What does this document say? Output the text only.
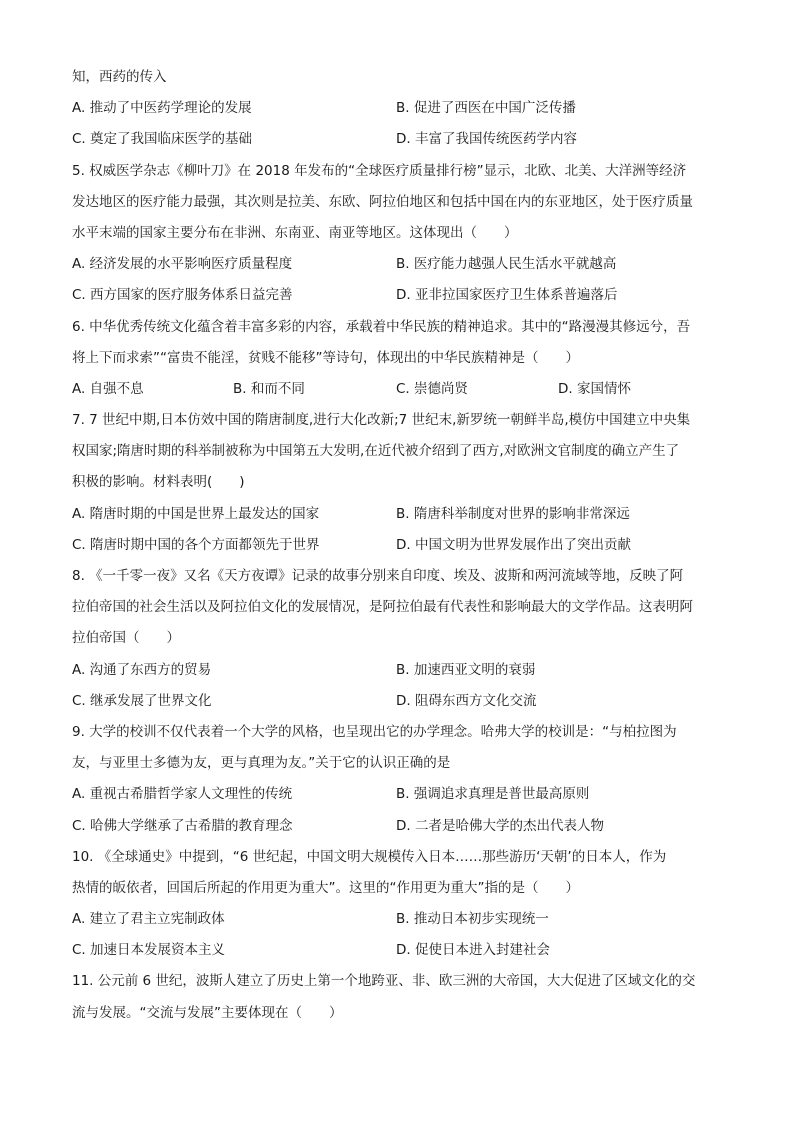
知，西药的传入
A. 推动了中医药学理论的发展	B. 促进了西医在中国广泛传播
C. 奠定了我国临床医学的基础	D. 丰富了我国传统医药学内容
5. 权威医学杂志《柳叶刀》在 2018 年发布的“全球医疗质量排行榜”显示，北欧、北美、大洋洲等经济
发达地区的医疗能力最强，其次则是拉美、东欧、阿拉伯地区和包括中国在内的东亚地区，处于医疗质量
水平末端的国家主要分布在非洲、东南亚、南亚等地区。这体现出（　　）
A. 经济发展的水平影响医疗质量程度	B. 医疗能力越强人民生活水平就越高
C. 西方国家的医疗服务体系日益完善	D. 亚非拉国家医疗卫生体系普遍落后
6. 中华优秀传统文化蕴含着丰富多彩的内容，承载着中华民族的精神追求。其中的“路漫漫其修远兮，吾
将上下而求索”“富贵不能淫，贫贱不能移”等诗句，体现出的中华民族精神是（　　）
A. 自强不息	B. 和而不同	C. 崇德尚贤	D. 家国情怀
7. 7 世纪中期,日本仿效中国的隋唐制度,进行大化改新;7 世纪末,新罗统一朝鲜半岛,模仿中国建立中央集
权国家;隋唐时期的科举制被称为中国第五大发明,在近代被介绍到了西方,对欧洲文官制度的确立产生了
积极的影响。材料表明(　　)
A. 隋唐时期的中国是世界上最发达的国家	B. 隋唐科举制度对世界的影响非常深远
C. 隋唐时期中国的各个方面都领先于世界	D. 中国文明为世界发展作出了突出贡献
8. 《一千零一夜》又名《天方夜谭》记录的故事分别来自印度、埃及、波斯和两河流域等地，反映了阿
拉伯帝国的社会生活以及阿拉伯文化的发展情况，是阿拉伯最有代表性和影响最大的文学作品。这表明阿
拉伯帝国（　　）
A. 沟通了东西方的贸易	B. 加速西亚文明的衰弱
C. 继承发展了世界文化	D. 阻碍东西方文化交流
9. 大学的校训不仅代表着一个大学的风格，也呈现出它的办学理念。哈弗大学的校训是：“与柏拉图为
友，与亚里士多德为友，更与真理为友。”关于它的认识正确的是
A. 重视古希腊哲学家人文理性的传统	B. 强调追求真理是普世最高原则
C. 哈佛大学继承了古希腊的教育理念	D. 二者是哈佛大学的杰出代表人物
10. 《全球通史》中提到，“6 世纪起，中国文明大规模传入日本……那些游历‘天朝’的日本人，作为
热情的皈依者，回国后所起的作用更为重大”。这里的“作用更为重大”指的是（　　）
A. 建立了君主立宪制政体	B. 推动日本初步实现统一
C. 加速日本发展资本主义	D. 促使日本进入封建社会
11. 公元前 6 世纪，波斯人建立了历史上第一个地跨亚、非、欧三洲的大帝国，大大促进了区域文化的交
流与发展。“交流与发展”主要体现在（　　）
